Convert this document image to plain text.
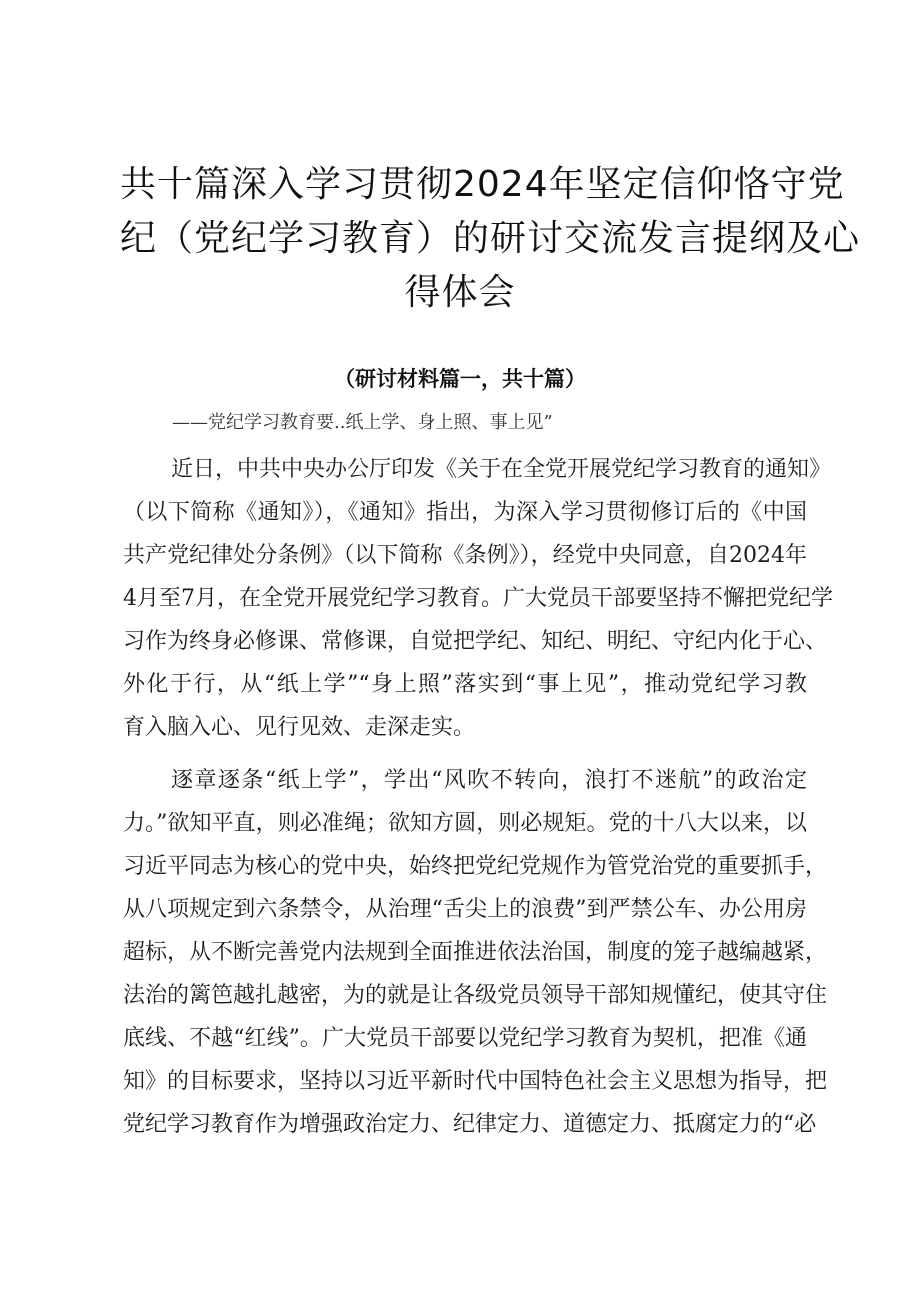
共十篇深入学习贯彻2024年坚定信仰恪守党
纪（党纪学习教育）的研讨交流发言提纲及心
得体会

（研讨材料篇一，共十篇）

——党纪学习教育要..纸上学、身上照、事上见”

近日，中共中央办公厅印发《关于在全党开展党纪学习教育的通知》
（以下简称《通知》），《通知》指出，为深入学习贯彻修订后的《中国
共产党纪律处分条例》（以下简称《条例》），经党中央同意，自2024年
4月至7月，在全党开展党纪学习教育。广大党员干部要坚持不懈把党纪学
习作为终身必修课、常修课，自觉把学纪、知纪、明纪、守纪内化于心、
外化于行，从“纸上学”“身上照”落实到“事上见”，推动党纪学习教
育入脑入心、见行见效、走深走实。
逐章逐条“纸上学”，学出“风吹不转向，浪打不迷航”的政治定
力。”欲知平直，则必准绳；欲知方圆，则必规矩。党的十八大以来，以
习近平同志为核心的党中央，始终把党纪党规作为管党治党的重要抓手，
从八项规定到六条禁令，从治理“舌尖上的浪费”到严禁公车、办公用房
超标，从不断完善党内法规到全面推进依法治国，制度的笼子越编越紧，
法治的篱笆越扎越密，为的就是让各级党员领导干部知规懂纪，使其守住
底线、不越“红线”。广大党员干部要以党纪学习教育为契机，把准《通
知》的目标要求，坚持以习近平新时代中国特色社会主义思想为指导，把
党纪学习教育作为增强政治定力、纪律定力、道德定力、抵腐定力的“必
